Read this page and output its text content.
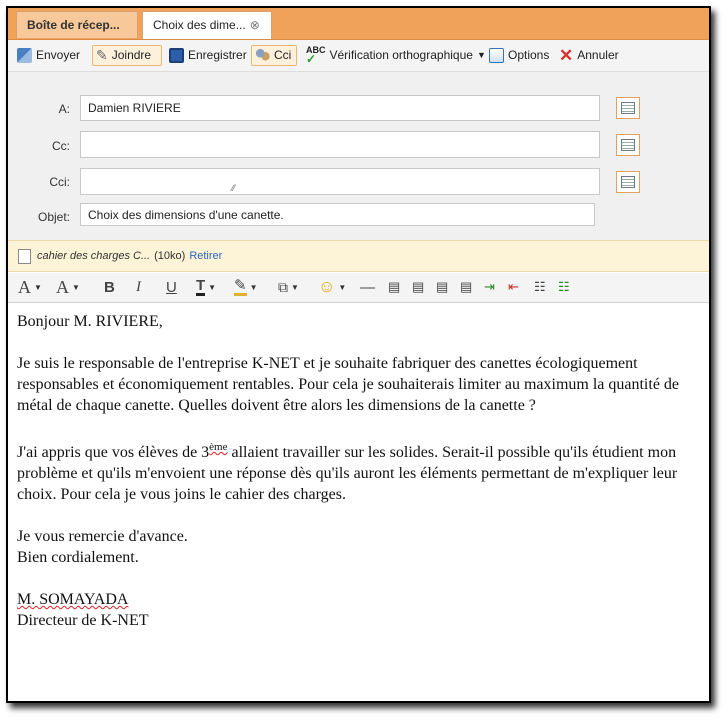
Boîte de récep...	Choix des dime... ⊗
Envoyer ✎ Joindre	Enregistrer Cci ABC
✓	Vérification orthographique ▼ Options ✕ Annuler
A: Damien RIVIERE
Cc:
Cci:	⁄⁄
Objet: Choix des dimensions d'une canette.
cahier des charges C... (10ko) Retirer
A ▼ A ▼ B I U T ▼ ✎ ▼ ⧉ ▼ ☺ ▼ — ▤ ▤ ▤ ▤ ⇥ ⇤ ☷ ☷

Bonjour M. RIVIERE,

Je suis le responsable de l'entreprise K-NET et je souhaite fabriquer des canettes écologiquement responsables et économiquement rentables. Pour cela je souhaiterais limiter au maximum la quantité de métal de chaque canette. Quelles doivent être alors les dimensions de la canette ?

J'ai appris que vos élèves de 3ème allaient travailler sur les solides. Serait-il possible qu'ils étudient mon problème et qu'ils m'envoient une réponse dès qu'ils auront les éléments permettant de m'expliquer leur choix. Pour cela je vous joins le cahier des charges.

Je vous remercie d'avance.
Bien cordialement.
M. SOMAYADA
Directeur de K-NET
